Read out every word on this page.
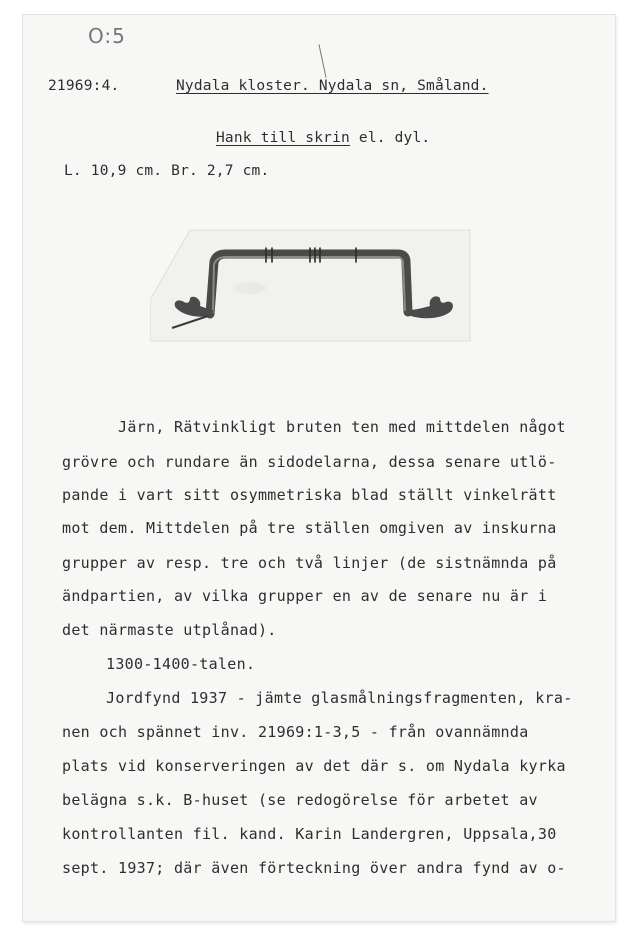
O:5
21969:4.	Nydala kloster. Nydala sn, Småland.
Hank till skrin el. dyl.
L. 10,9 cm. Br. 2,7 cm.
Järn, Rätvinkligt bruten ten med mittdelen något
grövre och rundare än sidodelarna, dessa senare utlö-
pande i vart sitt osymmetriska blad ställt vinkelrätt
mot dem. Mittdelen på tre ställen omgiven av inskurna
grupper av resp. tre och två linjer (de sistnämnda på
ändpartien, av vilka grupper en av de senare nu är i
det närmaste utplånad).
1300-1400-talen.
Jordfynd 1937 - jämte glasmålningsfragmenten, kra-
nen och spännet inv. 21969:1-3,5 - från ovannämnda
plats vid konserveringen av det där s. om Nydala kyrka
belägna s.k. B-huset (se redogörelse för arbetet av
kontrollanten fil. kand. Karin Landergren, Uppsala,30
sept. 1937; där även förteckning över andra fynd av o-
